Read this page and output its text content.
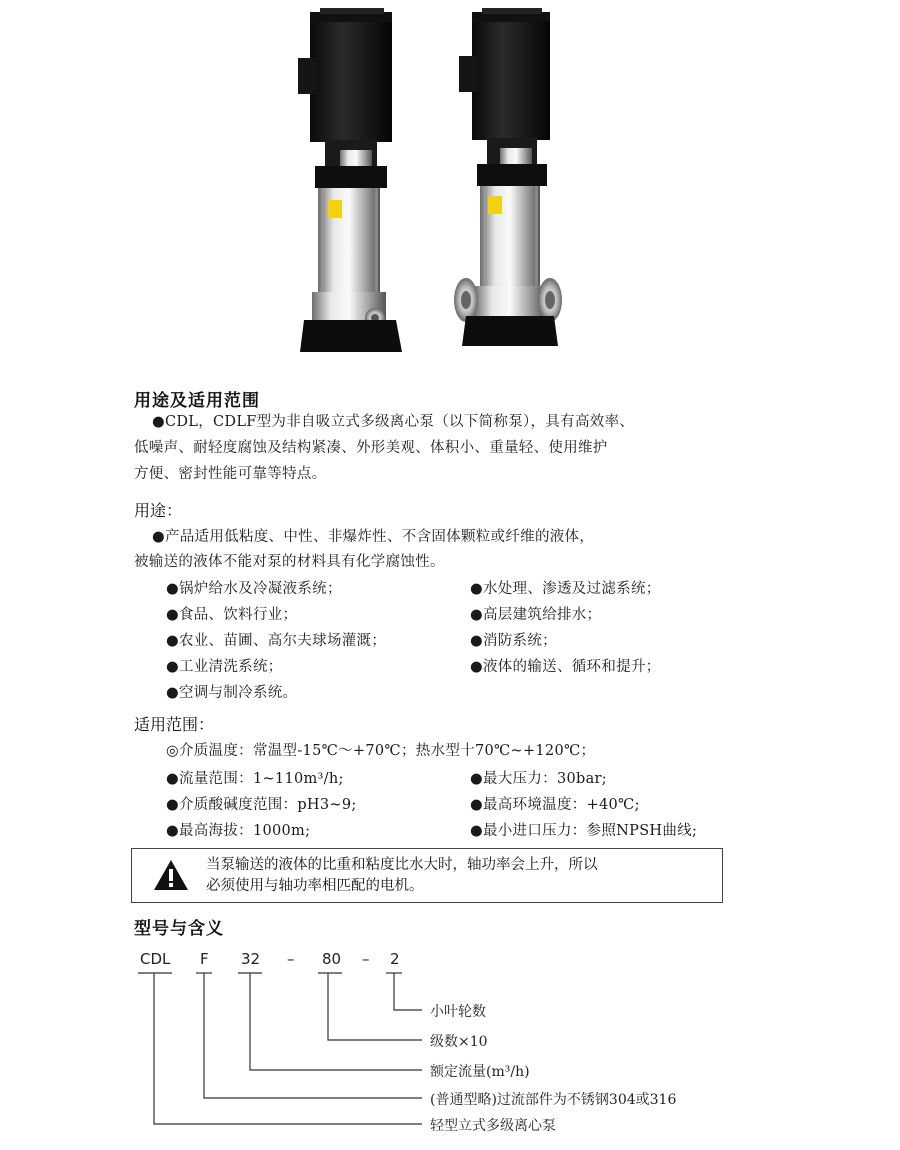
用途及适用范围
●CDL，CDLF型为非自吸立式多级离心泵（以下简称泵），具有高效率、
低噪声、耐轻度腐蚀及结构紧凑、外形美观、体积小、重量轻、使用维护
方便、密封性能可靠等特点。
用途：
●产品适用低粘度、中性、非爆炸性、不含固体颗粒或纤维的液体，
被输送的液体不能对泵的材料具有化学腐蚀性。
●锅炉给水及冷凝液系统；
●食品、饮料行业；
●农业、苗圃、高尔夫球场灌溉；
●工业清洗系统；
●空调与制冷系统。
●水处理、渗透及过滤系统；
●高层建筑给排水；
●消防系统；
●液体的输送、循环和提升；
适用范围：
◎介质温度：常温型-15℃～+70℃；热水型十70℃~+120℃；
●流量范围：1~110m³/h;
●介质酸碱度范围：pH3~9;
●最高海拔：1000m;
●最大压力：30bar;
●最高环境温度：+40℃;
●最小进口压力：参照NPSH曲线;
当泵输送的液体的比重和粘度比水大时，轴功率会上升，所以
必须使用与轴功率相匹配的电机。
型号与含义
CDL F 32 – 80 – 2
小叶轮数
级数×10
额定流量(m³/h)
(普通型略)过流部件为不锈钢304或316
轻型立式多级离心泵
